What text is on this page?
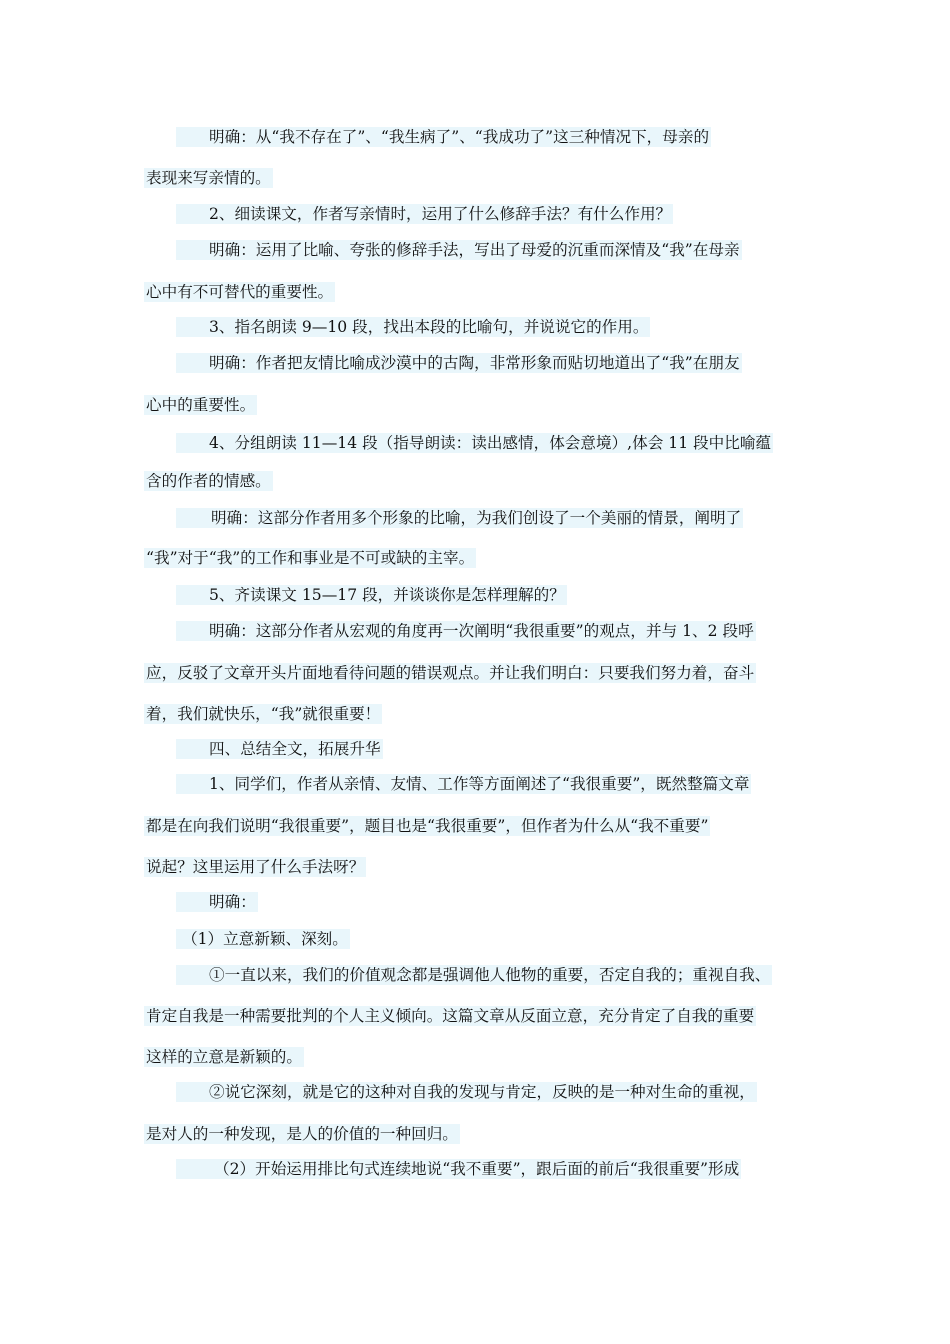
明确：从“我不存在了”、“我生病了”、“我成功了”这三种情况下，母亲的
表现来写亲情的。
2、细读课文，作者写亲情时，运用了什么修辞手法？有什么作用？
明确：运用了比喻、夸张的修辞手法，写出了母爱的沉重而深情及“我”在母亲
心中有不可替代的重要性。
3、指名朗读 9—10 段，找出本段的比喻句，并说说它的作用。
明确：作者把友情比喻成沙漠中的古陶，非常形象而贴切地道出了“我”在朋友
心中的重要性。
4、分组朗读 11—14 段（指导朗读：读出感情，体会意境）,体会 11 段中比喻蕴
含的作者的情感。
明确：这部分作者用多个形象的比喻，为我们创设了一个美丽的情景，阐明了
“我”对于“我”的工作和事业是不可或缺的主宰。
5、齐读课文 15—17 段，并谈谈你是怎样理解的？
明确：这部分作者从宏观的角度再一次阐明“我很重要”的观点，并与 1、2 段呼
应，反驳了文章开头片面地看待问题的错误观点。并让我们明白：只要我们努力着，奋斗
着，我们就快乐，“我”就很重要！
四、总结全文，拓展升华
1、同学们，作者从亲情、友情、工作等方面阐述了“我很重要”，既然整篇文章
都是在向我们说明“我很重要”，题目也是“我很重要”，但作者为什么从“我不重要”
说起？这里运用了什么手法呀？
明确：
（1）立意新颖、深刻。
①一直以来，我们的价值观念都是强调他人他物的重要，否定自我的；重视自我、
肯定自我是一种需要批判的个人主义倾向。这篇文章从反面立意，充分肯定了自我的重要
这样的立意是新颖的。
②说它深刻，就是它的这种对自我的发现与肯定，反映的是一种对生命的重视，
是对人的一种发现，是人的价值的一种回归。
（2）开始运用排比句式连续地说“我不重要”，跟后面的前后“我很重要”形成
